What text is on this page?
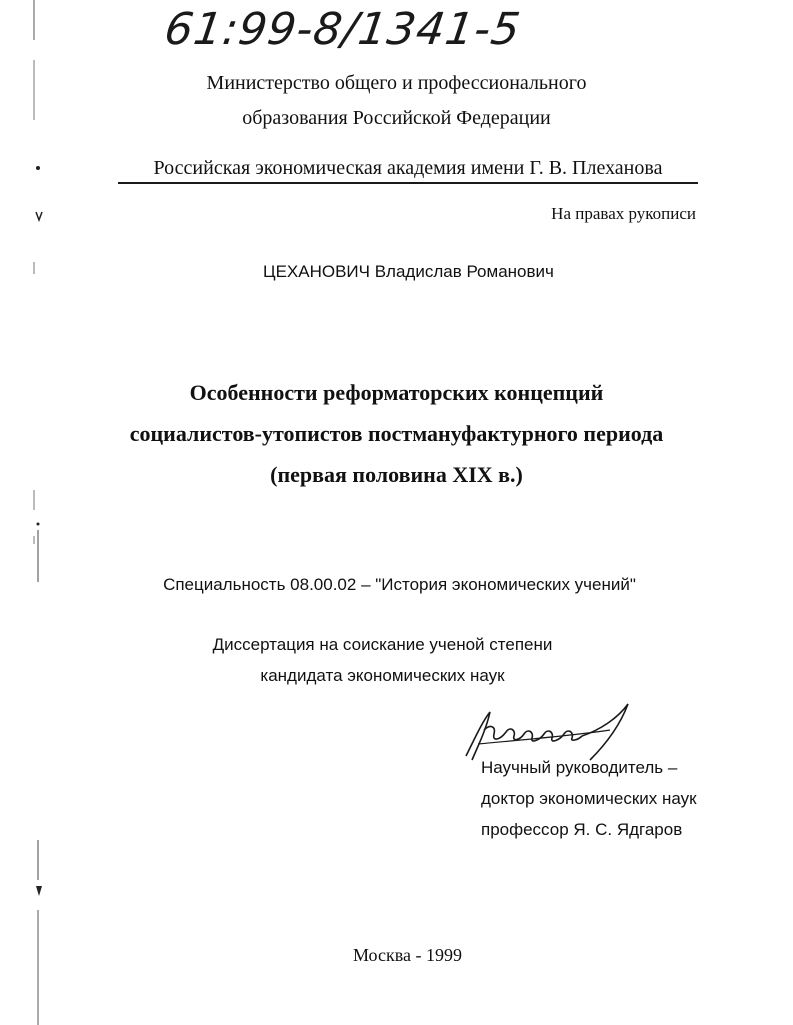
61:99-8/1341-5
Министерство общего и профессионального
образования Российской Федерации
Российская экономическая академия имени Г. В. Плеханова
На правах рукописи
ЦЕХАНОВИЧ Владислав Романович
Особенности реформаторских концепций
социалистов-утопистов постмануфактурного периода
(первая половина XIX в.)
Специальность 08.00.02 – "История экономических учений"
Диссертация на соискание ученой степени
кандидата экономических наук
Научный руководитель –
доктор экономических наук
профессор Я. С. Ядгаров
Москва - 1999
